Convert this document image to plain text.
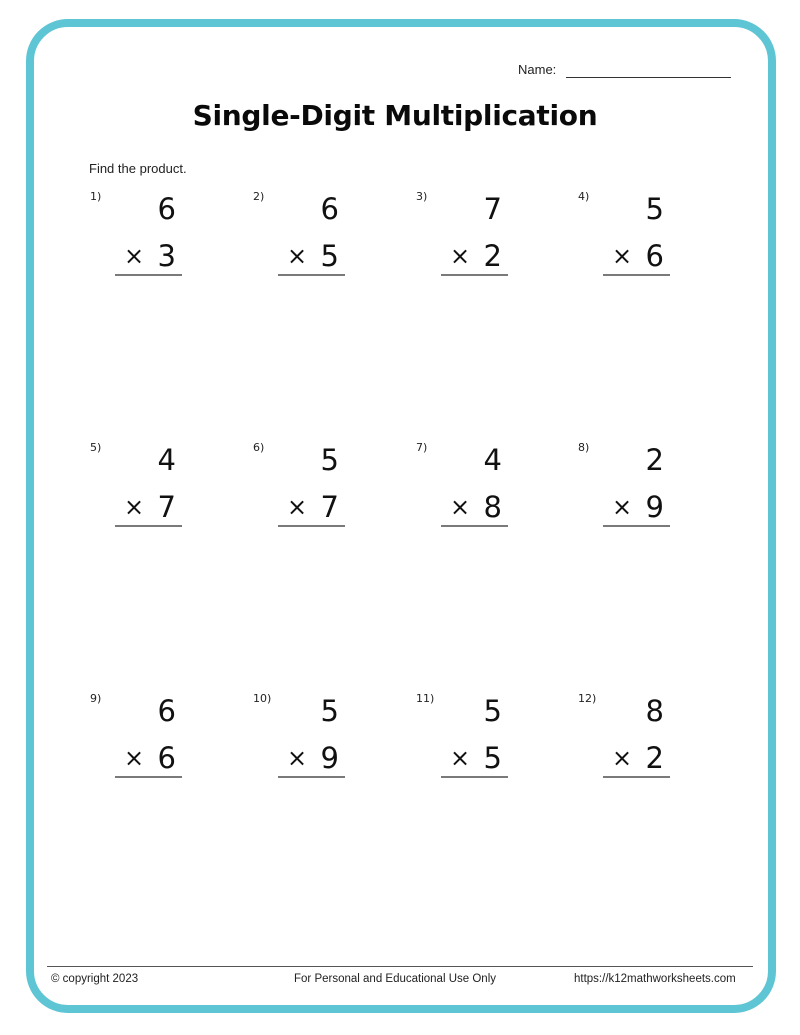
Name:
Single-Digit Multiplication
Find the product.
1)	6
× 3
2)	6
× 5
3)	7
× 2
4)	5
× 6
5)	4
× 7
6)	5
× 7
7)	4
× 8
8)	2
× 9
9)	6
× 6
10)	5
× 9
11)	5
× 5
12)	8
× 2
© copyright 2023	For Personal and Educational Use Only	https://k12mathworksheets.com
